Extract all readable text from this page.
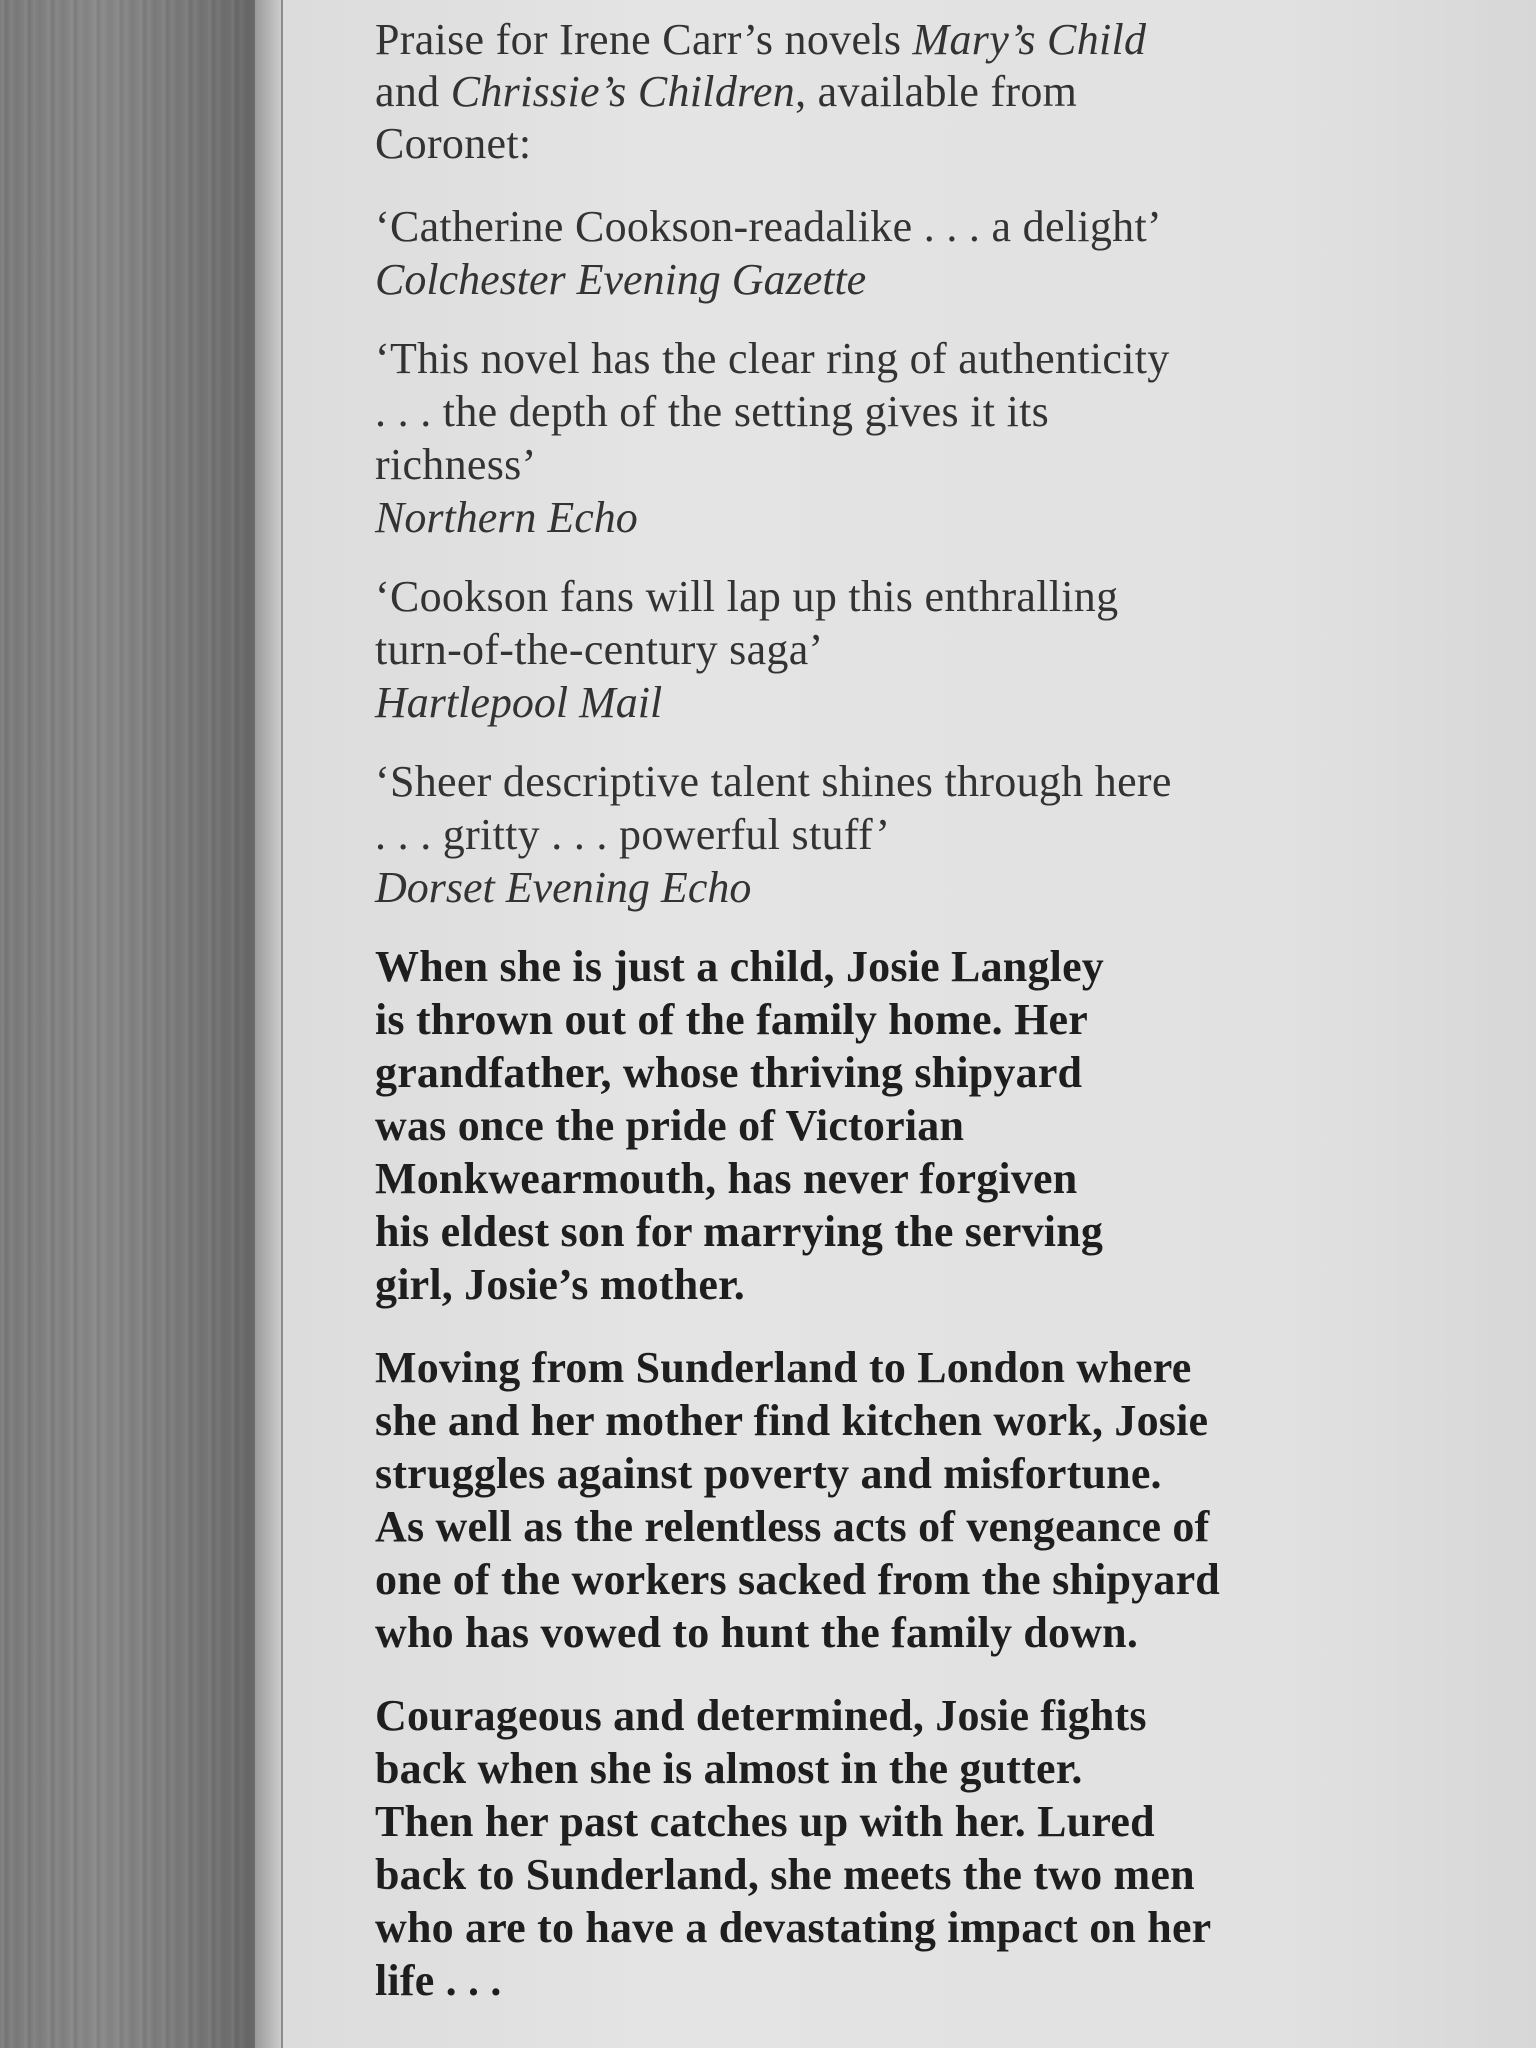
Praise for Irene Carr’s novels Mary’s Child
and Chrissie’s Children, available from
Coronet:
‘Catherine Cookson-readalike . . . a delight’
Colchester Evening Gazette
‘This novel has the clear ring of authenticity
. . . the depth of the setting gives it its
richness’
Northern Echo
‘Cookson fans will lap up this enthralling
turn-of-the-century saga’
Hartlepool Mail
‘Sheer descriptive talent shines through here
. . . gritty . . . powerful stuff’
Dorset Evening Echo
When she is just a child, Josie Langley
is thrown out of the family home. Her
grandfather, whose thriving shipyard
was once the pride of Victorian
Monkwearmouth, has never forgiven
his eldest son for marrying the serving
girl, Josie’s mother.
Moving from Sunderland to London where
she and her mother find kitchen work, Josie
struggles against poverty and misfortune.
As well as the relentless acts of vengeance of
one of the workers sacked from the shipyard
who has vowed to hunt the family down.
Courageous and determined, Josie fights
back when she is almost in the gutter.
Then her past catches up with her. Lured
back to Sunderland, she meets the two men
who are to have a devastating impact on her
life . . .
